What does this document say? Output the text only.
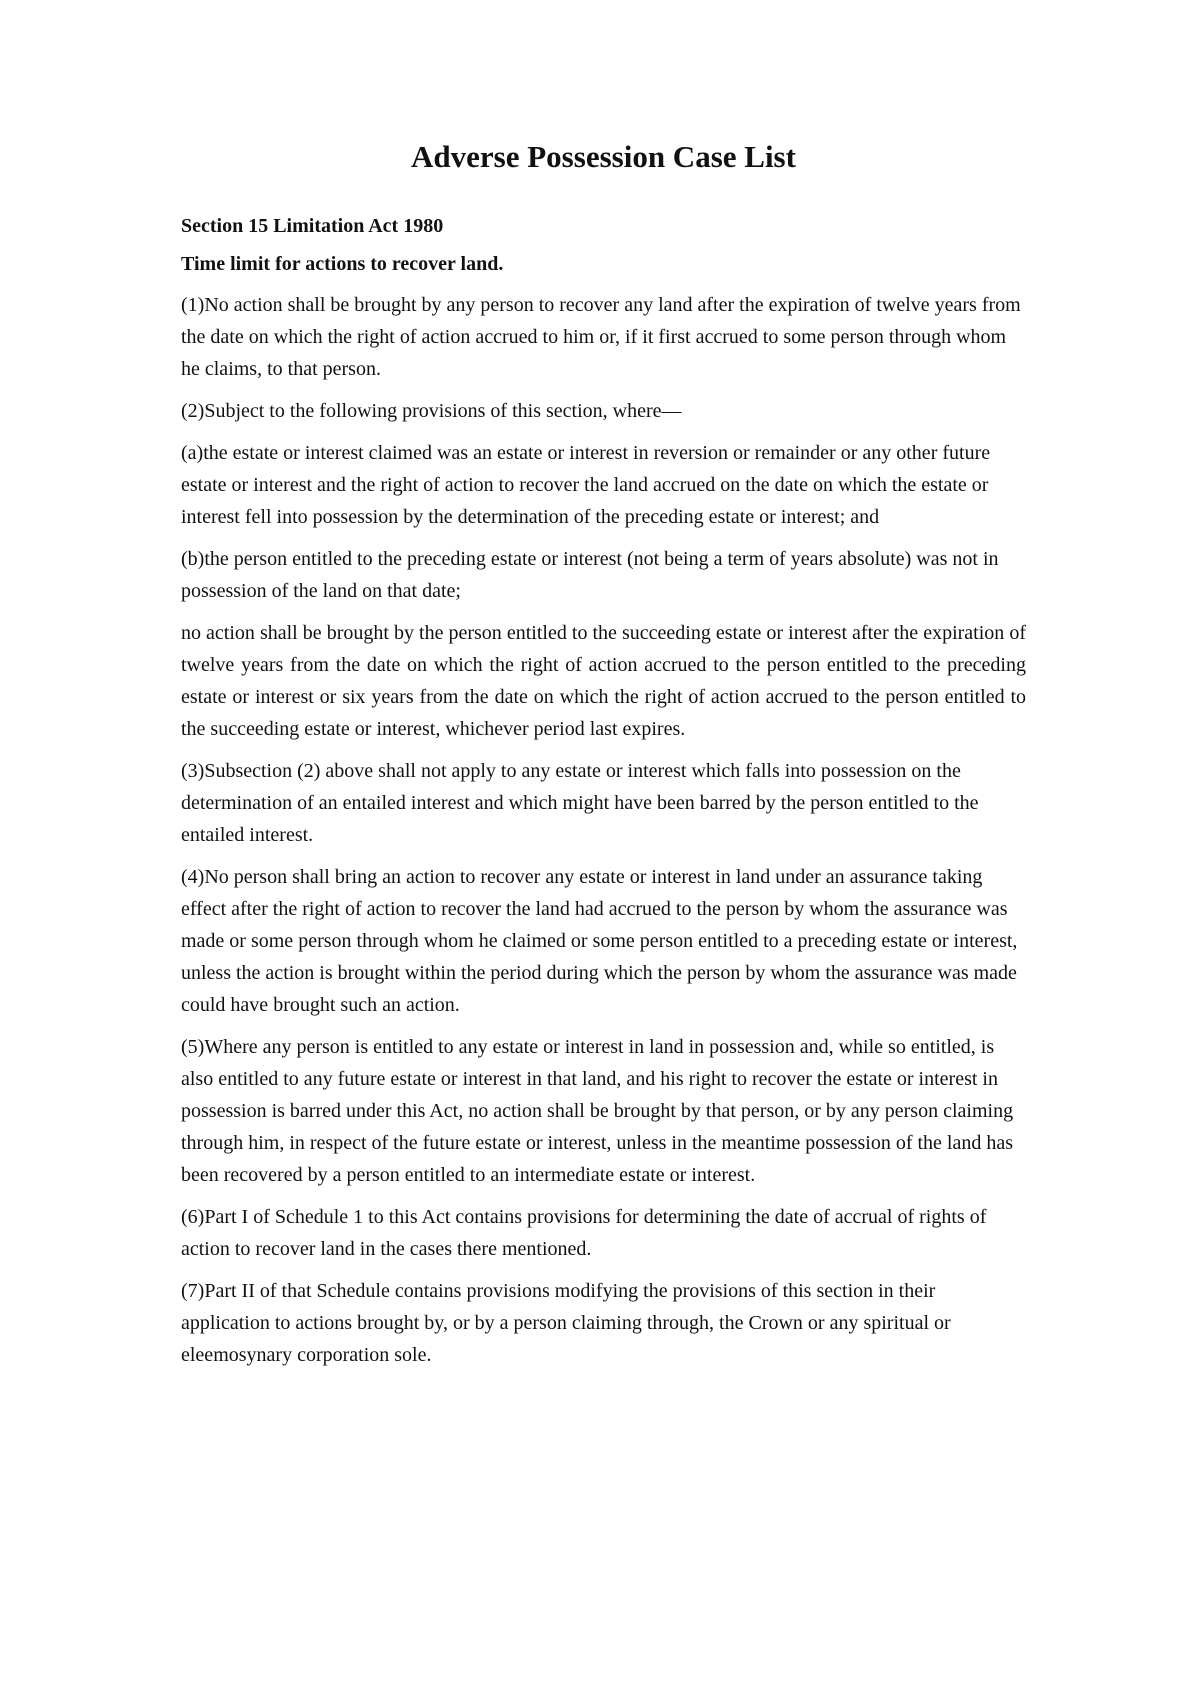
Adverse Possession Case List
Section 15 Limitation Act 1980
Time limit for actions to recover land.

(1)No action shall be brought by any person to recover any land after the expiration of twelve years from the date on which the right of action accrued to him or, if it first accrued to some person through whom he claims, to that person.

(2)Subject to the following provisions of this section, where—

(a)the estate or interest claimed was an estate or interest in reversion or remainder or any other future estate or interest and the right of action to recover the land accrued on the date on which the estate or interest fell into possession by the determination of the preceding estate or interest; and

(b)the person entitled to the preceding estate or interest (not being a term of years absolute) was not in possession of the land on that date;

no action shall be brought by the person entitled to the succeeding estate or interest after the expiration of twelve years from the date on which the right of action accrued to the person entitled to the preceding estate or interest or six years from the date on which the right of action accrued to the person entitled to the succeeding estate or interest, whichever period last expires.

(3)Subsection (2) above shall not apply to any estate or interest which falls into possession on the determination of an entailed interest and which might have been barred by the person entitled to the entailed interest.

(4)No person shall bring an action to recover any estate or interest in land under an assurance taking effect after the right of action to recover the land had accrued to the person by whom the assurance was made or some person through whom he claimed or some person entitled to a preceding estate or interest, unless the action is brought within the period during which the person by whom the assurance was made could have brought such an action.

(5)Where any person is entitled to any estate or interest in land in possession and, while so entitled, is also entitled to any future estate or interest in that land, and his right to recover the estate or interest in possession is barred under this Act, no action shall be brought by that person, or by any person claiming through him, in respect of the future estate or interest, unless in the meantime possession of the land has been recovered by a person entitled to an intermediate estate or interest.

(6)Part I of Schedule 1 to this Act contains provisions for determining the date of accrual of rights of action to recover land in the cases there mentioned.

(7)Part II of that Schedule contains provisions modifying the provisions of this section in their application to actions brought by, or by a person claiming through, the Crown or any spiritual or eleemosynary corporation sole.
